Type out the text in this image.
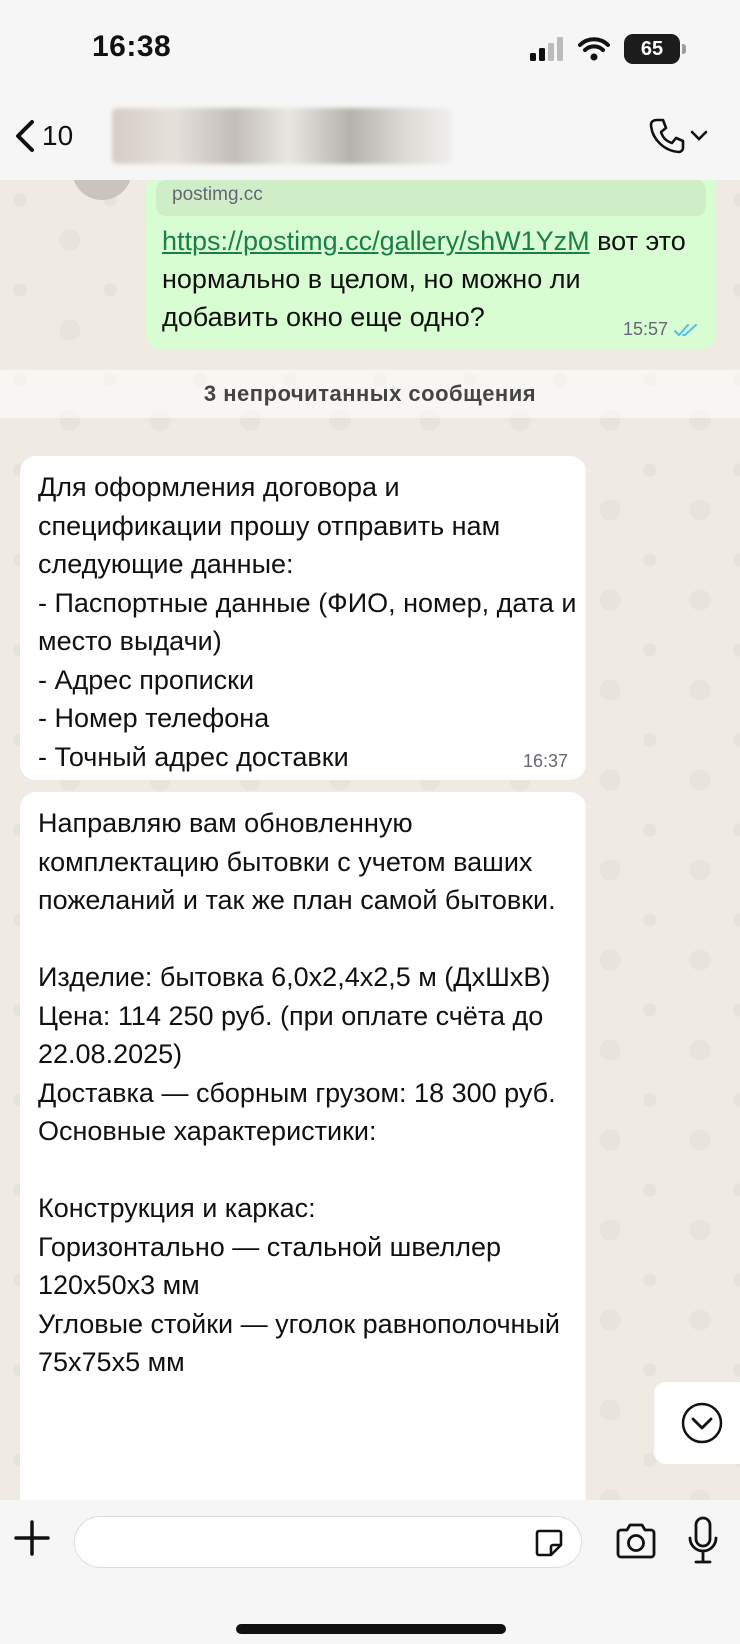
16:38	65
10
postimg.cc
https://postimg.cc/gallery/shW1YzM вот это нормально в целом, но можно ли добавить окно еще одно?	15:57
3 непрочитанных сообщения
Для оформления договора и спецификации прошу отправить нам следующие данные:
- Паспортные данные (ФИО, номер, дата и место выдачи)
- Адрес прописки
- Номер телефона
- Точный адрес доставки	16:37
Направляю вам обновленную комплектацию бытовки с учетом ваших пожеланий и так же план самой бытовки.

Изделие: бытовка 6,0х2,4х2,5 м (ДхШхВ)
Цена: 114 250 руб. (при оплате счёта до 22.08.2025)
Доставка — сборным грузом: 18 300 руб.
Основные характеристики:

Конструкция и каркас:
Горизонтально — стальной швеллер 120х50х3 мм
Угловые стойки — уголок равнополочный 75х75х5 мм
